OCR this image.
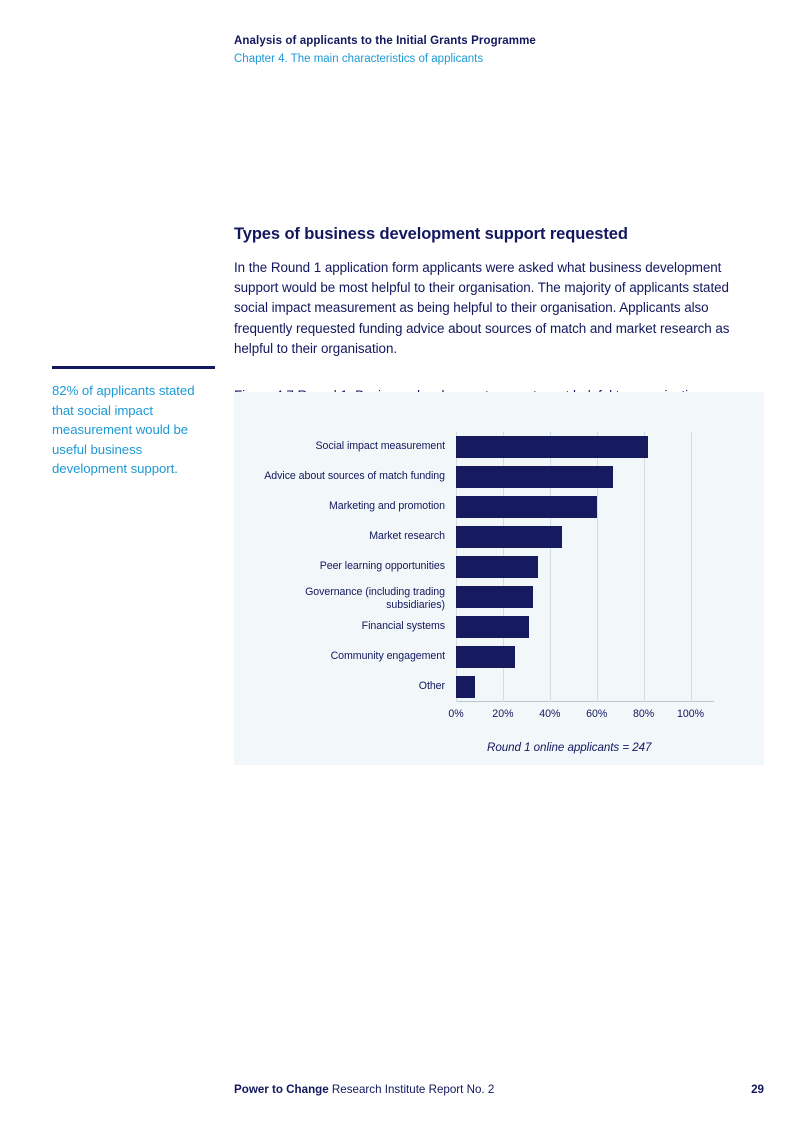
Analysis of applicants to the Initial Grants Programme
Chapter 4. The main characteristics of applicants
82% of applicants stated that social impact measurement would be useful business development support.
Types of business development support requested

In the Round 1 application form applicants were asked what business development support would be most helpful to their organisation. The majority of applicants stated social impact measurement as being helpful to their organisation. Applicants also frequently requested funding advice about sources of match and market research as helpful to their organisation.

Social impact measurement
Advice about sources of match funding
Marketing and promotion
Market research
Peer learning opportunities
Governance (including trading subsidiaries)
Financial systems
Community engagement
Other
0%	20% 40% 60% 80% 100%
Round 1 online applicants = 247
Power to Change Research Institute Report No. 2	29
